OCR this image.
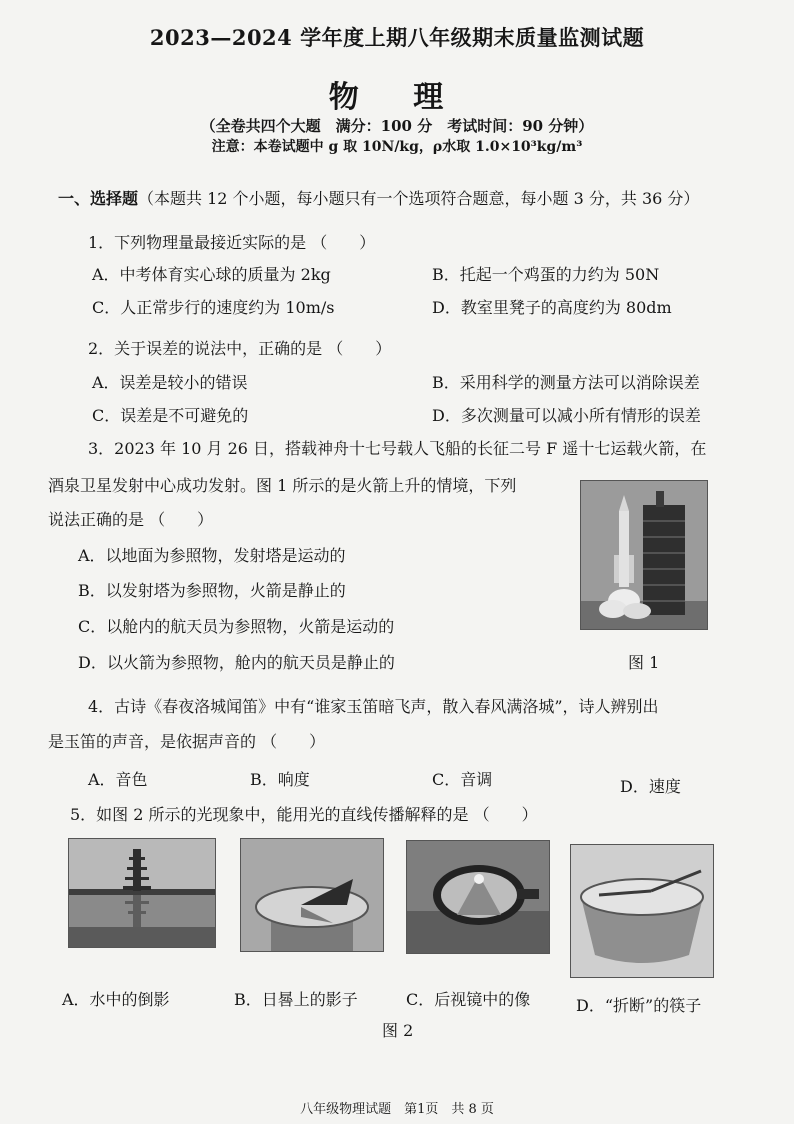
2023—2024 学年度上期八年级期末质量监测试题
物 理
（全卷共四个大题　满分：100 分　考试时间：90 分钟）
注意：本卷试题中 g 取 10N/kg，ρ水取 1.0×10³kg/m³
一、选择题（本题共 12 个小题，每小题只有一个选项符合题意，每小题 3 分，共 36 分）
1．下列物理量最接近实际的是 （　　）
A．中考体育实心球的质量为 2kg	B．托起一个鸡蛋的力约为 50N
C．人正常步行的速度约为 10m/s	D．教室里凳子的高度约为 80dm
2．关于误差的说法中，正确的是 （　　）
A．误差是较小的错误	B．采用科学的测量方法可以消除误差
C．误差是不可避免的	D．多次测量可以减小所有情形的误差
3．2023 年 10 月 26 日，搭载神舟十七号载人飞船的长征二号 F 遥十七运载火箭，在
酒泉卫星发射中心成功发射。图 1 所示的是火箭上升的情境，下列
说法正确的是 （　　）
A．以地面为参照物，发射塔是运动的
B．以发射塔为参照物，火箭是静止的
C．以舱内的航天员为参照物，火箭是运动的
D．以火箭为参照物，舱内的航天员是静止的	图 1
4．古诗《春夜洛城闻笛》中有“谁家玉笛暗飞声，散入春风满洛城”，诗人辨别出
是玉笛的声音，是依据声音的 （　　）
A．音色	B．响度	C．音调	D．速度
5．如图 2 所示的光现象中，能用光的直线传播解释的是 （　　）
A．水中的倒影	B．日晷上的影子	C．后视镜中的像	D．“折断”的筷子
图 2
八年级物理试题　第1页　共 8 页
